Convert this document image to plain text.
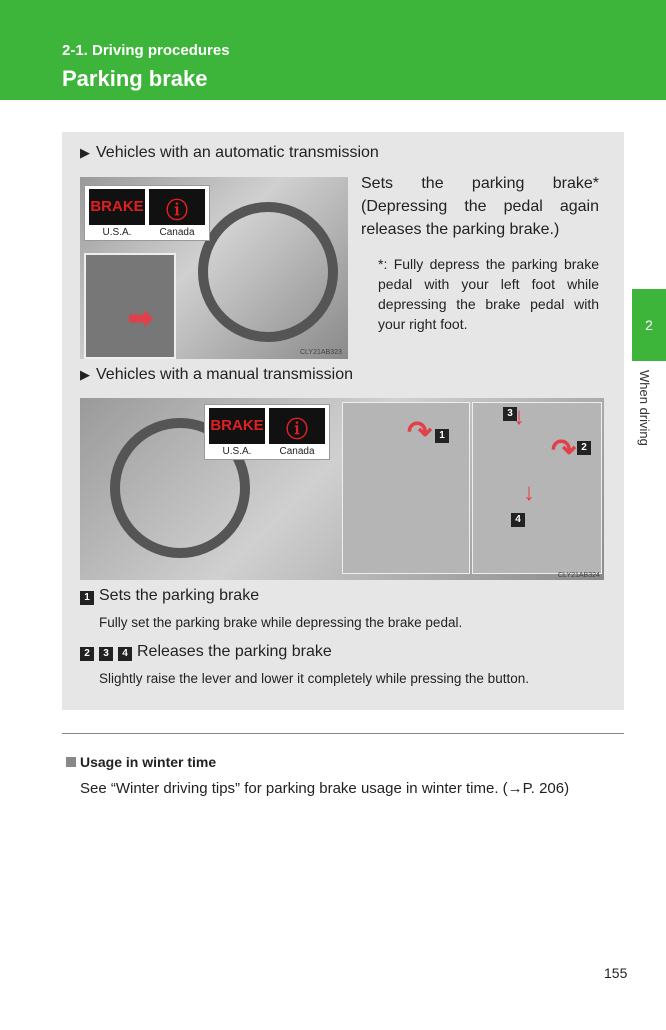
2-1. Driving procedures
Parking brake
2
When driving
▶ Vehicles with an automatic transmission
BRAKE	ⓘ
U.S.A.	Canada
➡
CLY21AB323
Sets the parking brake* (Depressing the pedal again releases the parking brake.)
*: Fully depress the parking brake pedal with your left foot while depressing the brake pedal with your right foot.
▶ Vehicles with a manual transmission
BRAKE	ⓘ
U.S.A.	Canada
↷ 1
3 ↓
↷ 2
↓
4
CLY21AB324
1 Sets the parking brake
Fully set the parking brake while depressing the brake pedal.
2	3	4 Releases the parking brake
Slightly raise the lever and lower it completely while pressing the button.
Usage in winter time
See “Winter driving tips” for parking brake usage in winter time. (→P. 206)
155
